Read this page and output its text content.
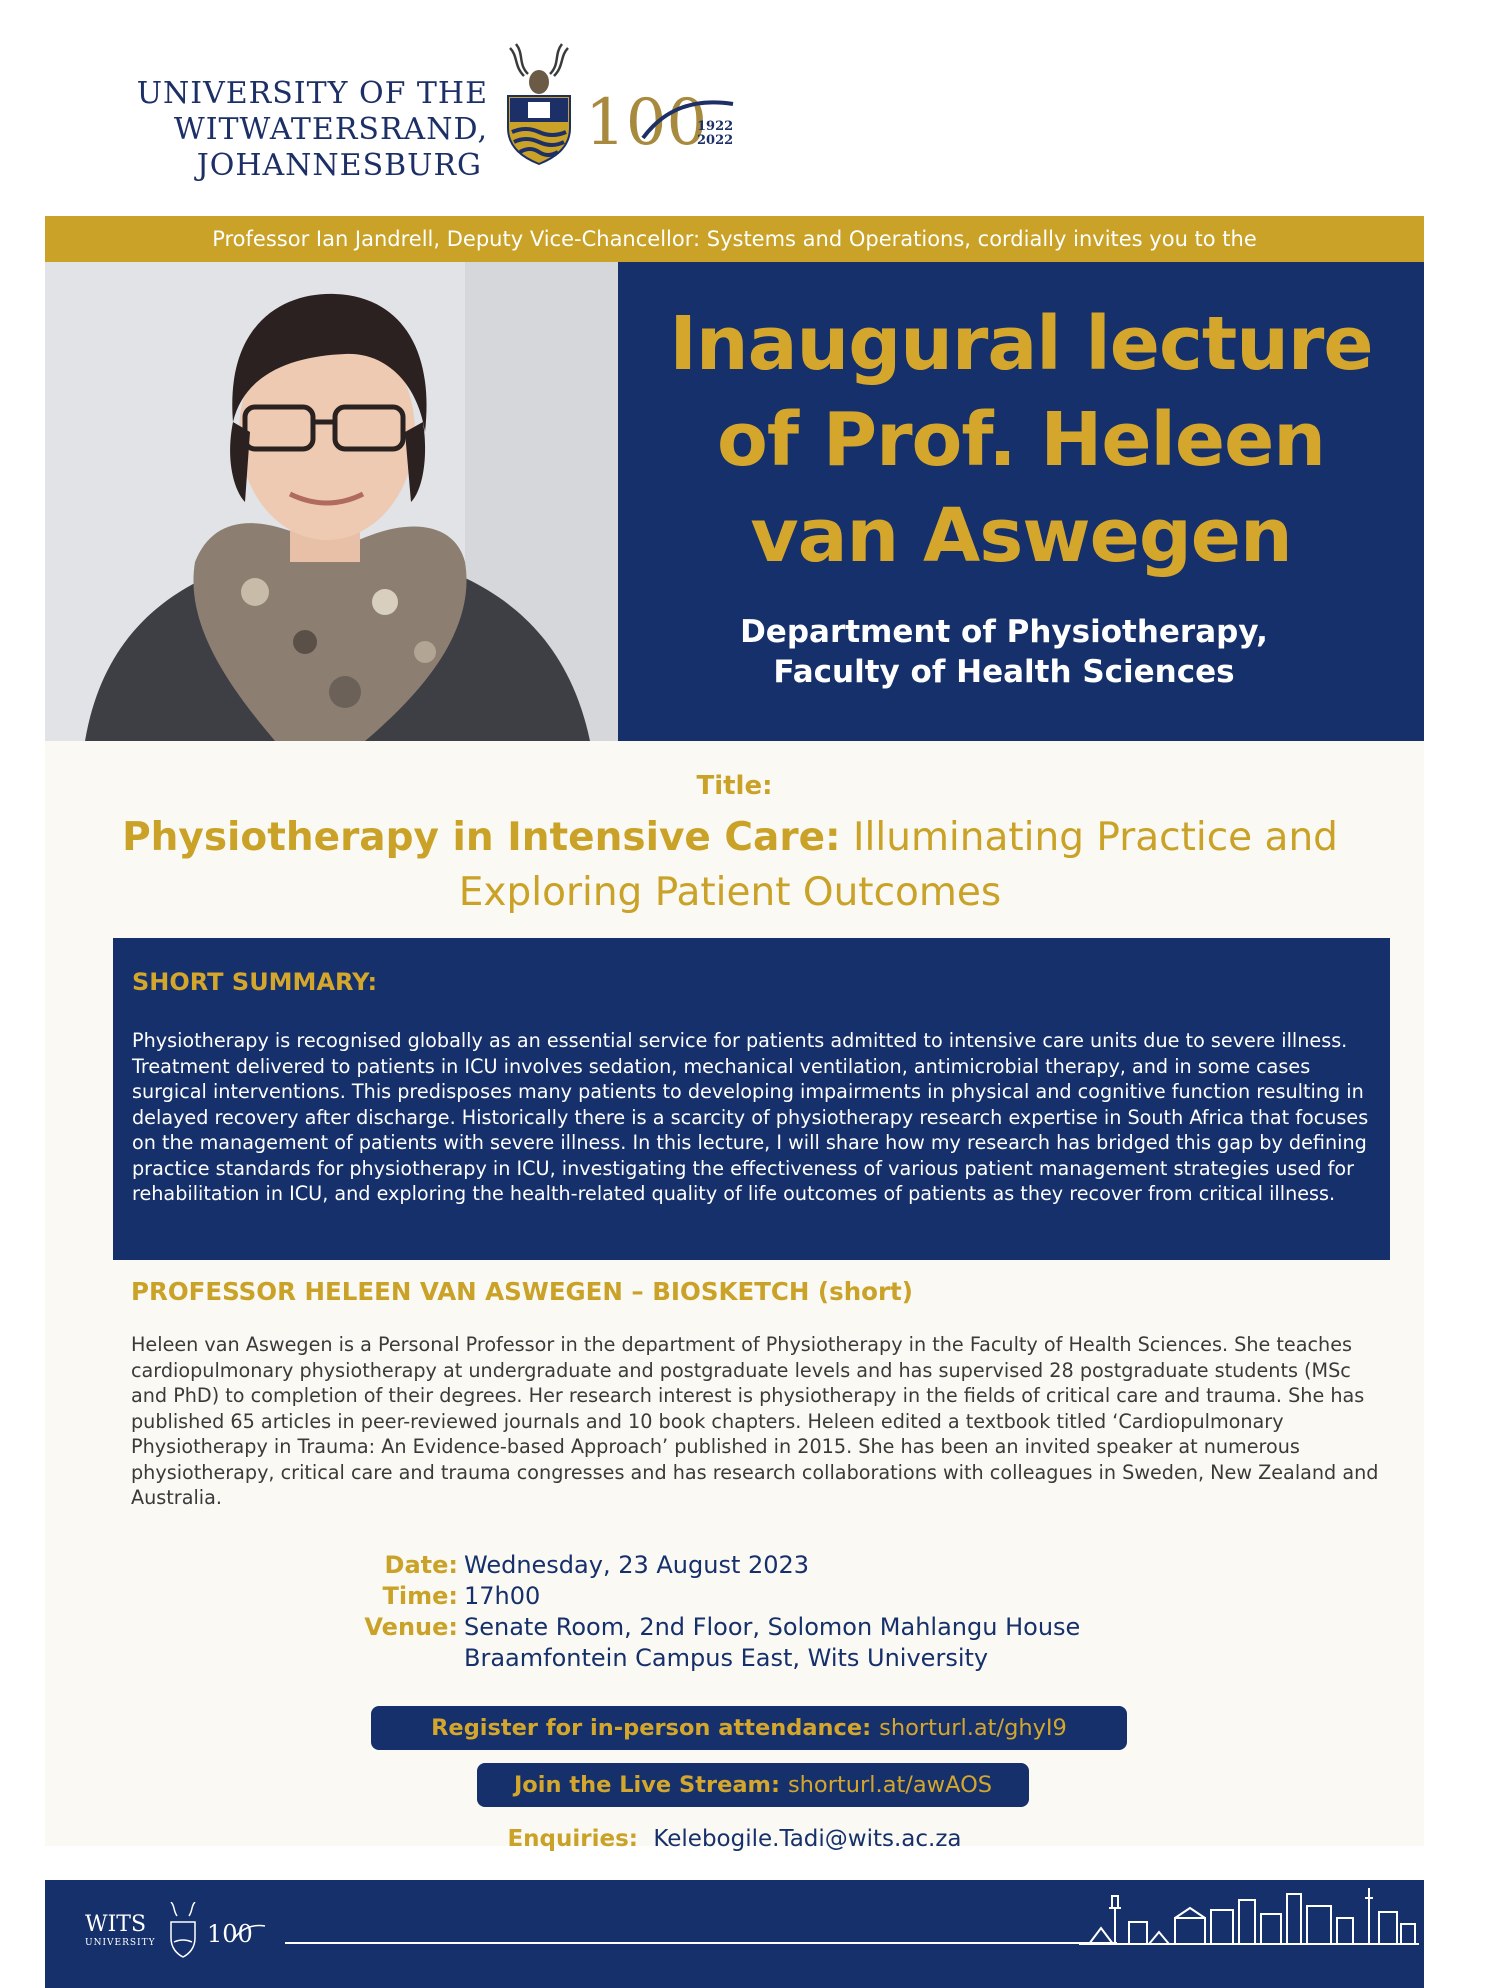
UNIVERSITY OF THE
WITWATERSRAND,
JOHANNESBURG
100
1922
2022
Professor Ian Jandrell, Deputy Vice-Chancellor: Systems and Operations, cordially invites you to the
Inaugural lecture
of Prof. Heleen
van Aswegen
Department of Physiotherapy,
Faculty of Health Sciences
Title:
Physiotherapy in Intensive Care: Illuminating Practice and Exploring Patient Outcomes
SHORT SUMMARY:
Physiotherapy is recognised globally as an essential service for patients admitted to intensive care units due to severe illness. Treatment delivered to patients in ICU involves sedation, mechanical ventilation, antimicrobial therapy, and in some cases surgical interventions. This predisposes many patients to developing impairments in physical and cognitive function resulting in delayed recovery after discharge. Historically there is a scarcity of physiotherapy research expertise in South Africa that focuses on the management of patients with severe illness. In this lecture, I will share how my research has bridged this gap by defining practice standards for physiotherapy in ICU, investigating the effectiveness of various patient management strategies used for rehabilitation in ICU, and exploring the health-related quality of life outcomes of patients as they recover from critical illness.
PROFESSOR HELEEN VAN ASWEGEN – BIOSKETCH (short)
Heleen van Aswegen is a Personal Professor in the department of Physiotherapy in the Faculty of Health Sciences. She teaches cardiopulmonary physiotherapy at undergraduate and postgraduate levels and has supervised 28 postgraduate students (MSc and PhD) to completion of their degrees. Her research interest is physiotherapy in the fields of critical care and trauma. She has published 65 articles in peer-reviewed journals and 10 book chapters. Heleen edited a textbook titled ‘Cardiopulmonary Physiotherapy in Trauma: An Evidence-based Approach’ published in 2015. She has been an invited speaker at numerous physiotherapy, critical care and trauma congresses and has research collaborations with colleagues in Sweden, New Zealand and Australia.
Date: Wednesday, 23 August 2023
Time: 17h00
Venue: Senate Room, 2nd Floor, Solomon Mahlangu House
Braamfontein Campus East, Wits University
Register for in-person attendance: shorturl.at/ghyI9
Join the Live Stream: shorturl.at/awAOS
Enquiries: Kelebogile.Tadi@wits.ac.za
WITS
UNIVERSITY 100
